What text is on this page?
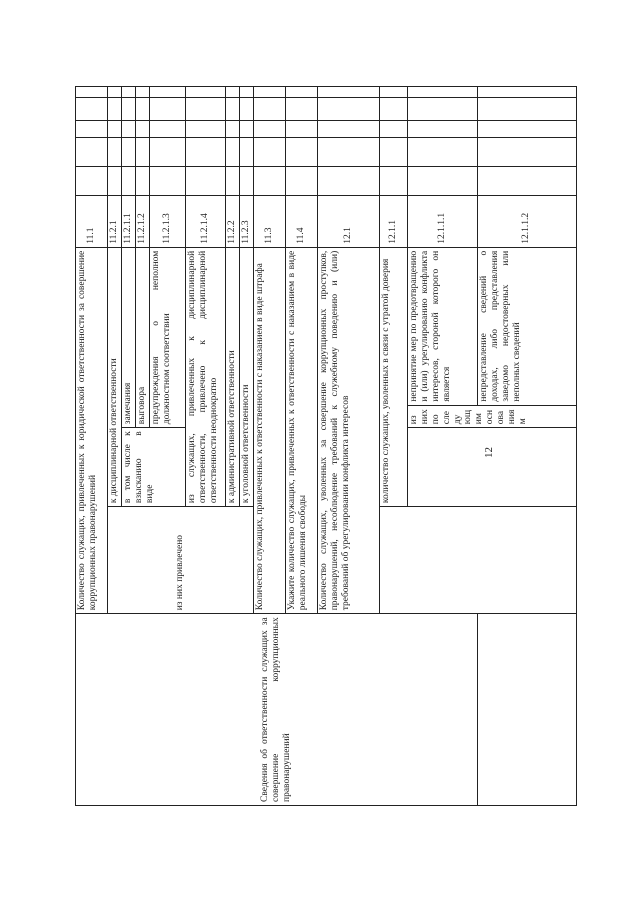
12
Сведения об ответственности служащих за совершение коррупционных правонарушений	Количество служащих, привлеченных к юридической ответственности за совершение коррупционных правонарушений				11.1					
	из них привлечено	к дисциплинарной ответственности			11.2.1					
		в том числе к взысканию в виде	замечания		11.2.1.1					
			выговора		11.2.1.2					
			предупреждения о неполном должностном соответствии		11.2.1.3					
		из служащих, привлеченных к дисциплинарной ответственности, привлечено к дисциплинарной ответственности неоднократно			11.2.1.4					
		к административной ответственности			11.2.2					
		к уголовной ответственности			11.2.3					
	Количество служащих, привлеченных к ответственности с наказанием в виде штрафа				11.3					
	Укажите количество служащих, привлеченных к ответственности с наказанием в виде реального лишения свободы				11.4					
	Количество служащих, уволенных за совершение коррупционных проступков, правонарушений, несоблюдение требований к служебному поведению и (или) требований об урегулировании конфликта интересов				12.1					
		количество служащих, уволенных в связи с утратой доверия			12.1.1					
			из них по следующим основаниям	непринятие мер по предотвращению и (или) урегулированию конфликта интересов, стороной которого он является	12.1.1.1					
				непредставление сведений о доходах, либо представления заведомо недостоверных или неполных сведений	12.1.1.2					
